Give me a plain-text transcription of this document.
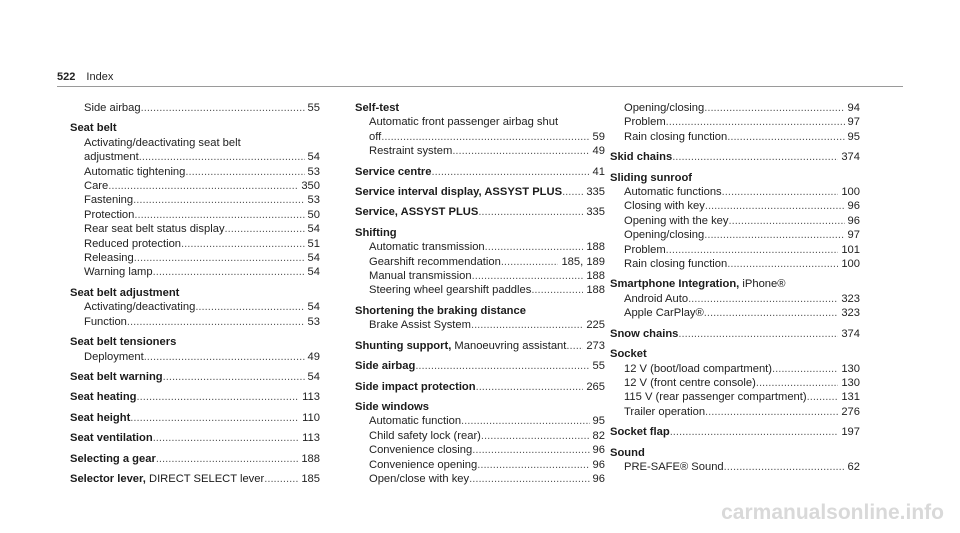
522 Index
Side airbag .....	55
Seat belt
Activating/deactivating seat belt
adjustment .....	54
Automatic tightening .....	53
Care .....	350
Fastening .....	53
Protection .....	50
Rear seat belt status display .....	54
Reduced protection .....	51
Releasing .....	54
Warning lamp .....	54
Seat belt adjustment
Activating/deactivating .....	54
Function .....	53
Seat belt tensioners
Deployment .....	49
Seat belt warning .....	54
Seat heating .....	113
Seat height .....	110
Seat ventilation .....	113
Selecting a gear .....	188
Selector lever, DIRECT SELECT lever .....	185
Self-test
Automatic front passenger airbag shut
off .....	59
Restraint system .....	49
Service centre .....	41
Service interval display, ASSYST PLUS ..... 335
Service, ASSYST PLUS .....	335
Shifting
Automatic transmission .....	188
Gearshift recommendation .....	185, 189
Manual transmission .....	188
Steering wheel gearshift paddles .....	188
Shortening the braking distance
Brake Assist System .....	225
Shunting support, Manoeuvring assistant ..... 273
Side airbag .....	55
Side impact protection .....	265
Side windows
Automatic function .....	95
Child safety lock (rear) .....	82
Convenience closing .....	96
Convenience opening .....	96
Open/close with key .....	96
Opening/closing .....	94
Problem .....	97
Rain closing function .....	95
Skid chains .....	374
Sliding sunroof
Automatic functions .....	100
Closing with key .....	96
Opening with the key .....	96
Opening/closing .....	97
Problem .....	101
Rain closing function .....	100
Smartphone Integration, iPhone®
Android Auto .....	323
Apple CarPlay® .....	323
Snow chains .....	374
Socket
12 V (boot/load compartment) .....	130
12 V (front centre console) .....	130
115 V (rear passenger compartment) .....	131
Trailer operation .....	276
Socket flap .....	197
Sound
PRE-SAFE® Sound .....	62
carmanualsonline.info
